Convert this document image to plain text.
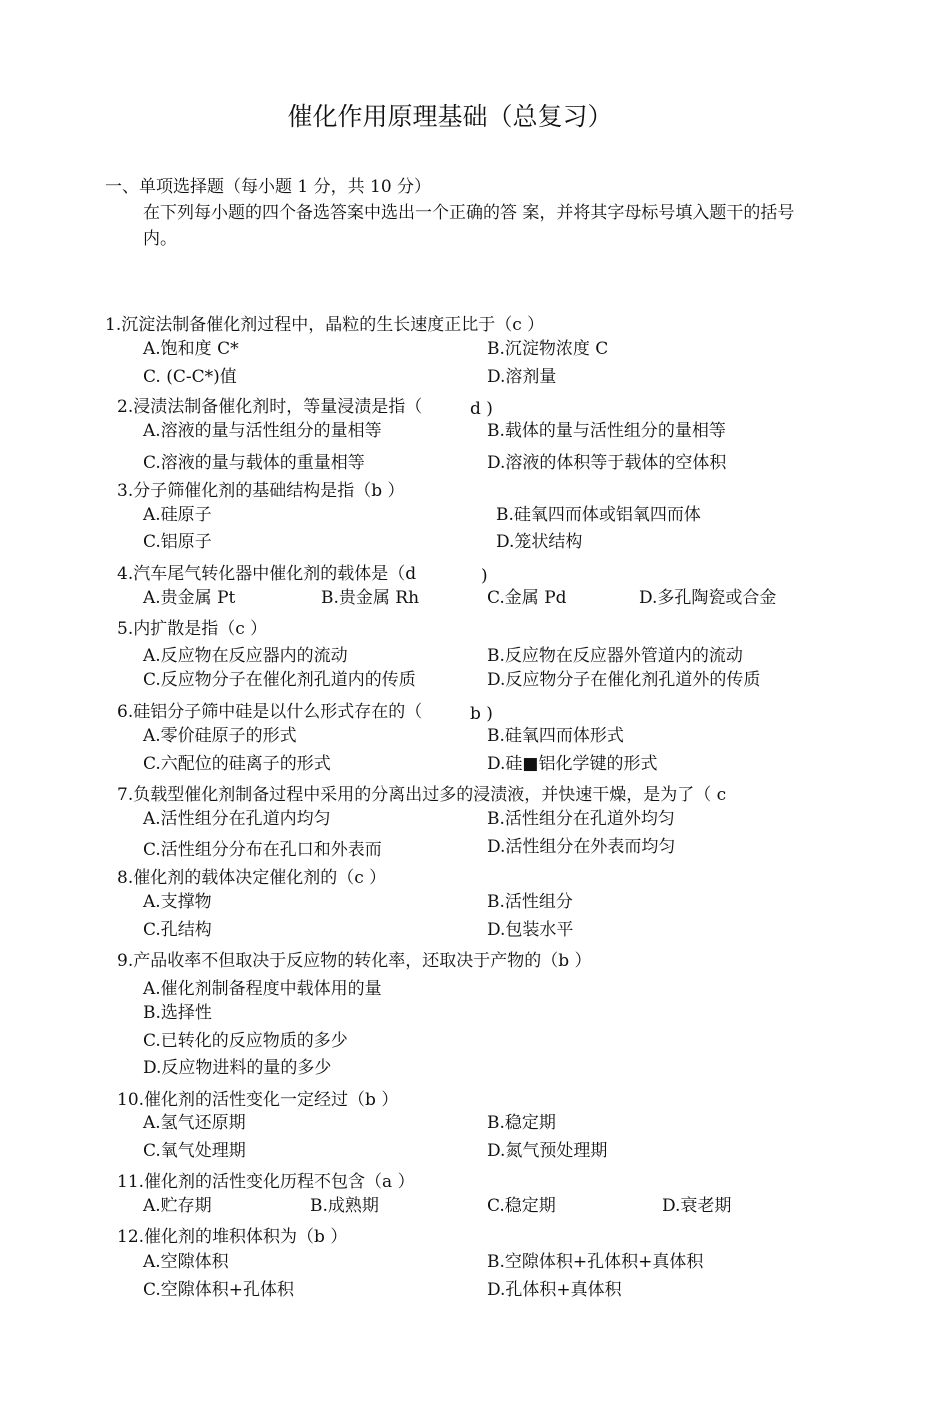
催化作用原理基础（总复习）
一、单项选择题（每小题 1 分，共 10 分）
在下列每小题的四个备选答案中选出一个正确的答 案，并将其字母标号填入题干的括号内。
1.沉淀法制备催化剂过程中，晶粒的生长速度正比于（c ）
A.饱和度 C*	B.沉淀物浓度 C
C. (C-C*)值	D.溶剂量
2.浸渍法制备催化剂时，等量浸渍是指（	d )
A.溶液的量与活性组分的量相等	B.载体的量与活性组分的量相等
C.溶液的量与载体的重量相等	D.溶液的体积等于载体的空体积
3.分子筛催化剂的基础结构是指（b ）
A.硅原子	B.硅氧四而体或铝氧四而体
C.铝原子	D.笼状结构
4.汽车尾气转化器中催化剂的载体是（d	)
A.贵金属 Pt	B.贵金属 Rh	C.金属 Pd	D.多孔陶瓷或合金
5.内扩散是指（c ）
A.反应物在反应器内的流动	B.反应物在反应器外管道内的流动
C.反应物分子在催化剂孔道内的传质	D.反应物分子在催化剂孔道外的传质
6.硅铝分子筛中硅是以什么形式存在的（	b )
A.零价硅原子的形式	B.硅氧四而体形式
C.六配位的硅离子的形式	D.硅■铝化学键的形式
7.负载型催化剂制备过程中采用的分离出过多的浸渍液，并快速干燥，是为了（ c
A.活性组分在孔道内均匀	B.活性组分在孔道外均匀
C.活性组分分布在孔口和外表而	D.活性组分在外表而均匀
8.催化剂的载体决定催化剂的（c ）
A.支撑物	B.活性组分
C.孔结构	D.包装水平
9.产品收率不但取决于反应物的转化率，还取决于产物的（b ）
A.催化剂制备程度中载体用的量
B.选择性
C.已转化的反应物质的多少
D.反应物进料的量的多少
10.催化剂的活性变化一定经过（b ）
A.氢气还原期	B.稳定期
C.氧气处理期	D.氮气预处理期
11.催化剂的活性变化历程不包含（a ）
A.贮存期	B.成熟期	C.稳定期	D.衰老期
12.催化剂的堆积体积为（b ）
A.空隙体积	B.空隙体积+孔体积+真体积
C.空隙体积+孔体积	D.孔体积+真体积
